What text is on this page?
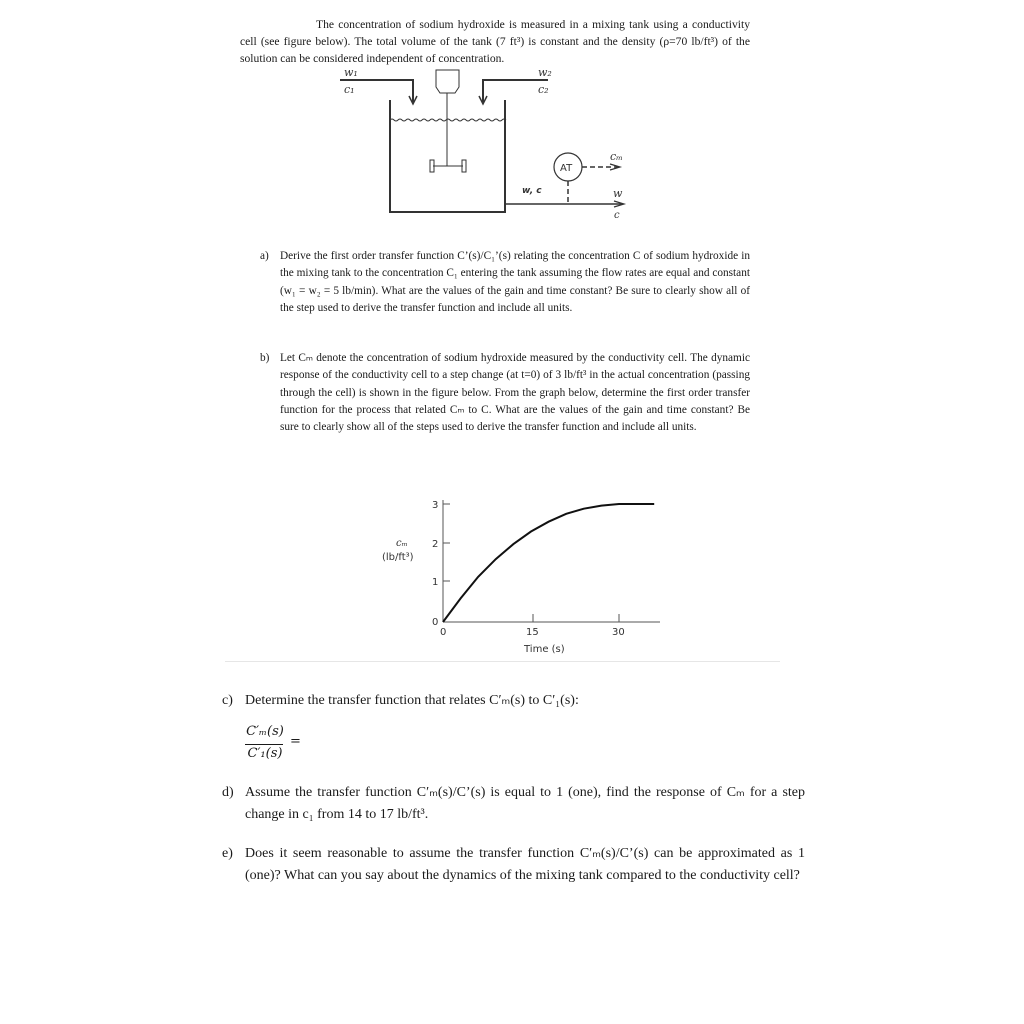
The concentration of sodium hydroxide is measured in a mixing tank using a conductivity cell (see figure below). The total volume of the tank (7 ft³) is constant and the density (ρ=70 lb/ft³) of the solution can be considered independent of concentration.
w₁
c₁
w₂
c₂
AT
cₘ
w, c	w
c
3
2
1
0
0	15	30
Time (s)
cₘ
(lb/ft³)
a) Derive the first order transfer function C’(s)/C₁’(s) relating the concentration C of sodium hydroxide in the mixing tank to the concentration C₁ entering the tank assuming the flow rates are equal and constant (w₁ = w₂ = 5 lb/min). What are the values of the gain and time constant? Be sure to clearly show all of the step used to derive the transfer function and include all units.
b) Let Cₘ denote the concentration of sodium hydroxide measured by the conductivity cell. The dynamic response of the conductivity cell to a step change (at t=0) of 3 lb/ft³ in the actual concentration (passing through the cell) is shown in the figure below. From the graph below, determine the first order transfer function for the process that related Cₘ to C. What are the values of the gain and time constant? Be sure to clearly show all of the steps used to derive the transfer function and include all units.
c) Determine the transfer function that relates C′ₘ(s) to C′₁(s):
C′ₘ(s)
C′₁(s)
=
d) Assume the transfer function C′ₘ(s)/C’(s) is equal to 1 (one), find the response of Cₘ for a step change in c₁ from 14 to 17 lb/ft³.
e) Does it seem reasonable to assume the transfer function C′ₘ(s)/C’(s) can be approximated as 1 (one)? What can you say about the dynamics of the mixing tank compared to the conductivity cell?
